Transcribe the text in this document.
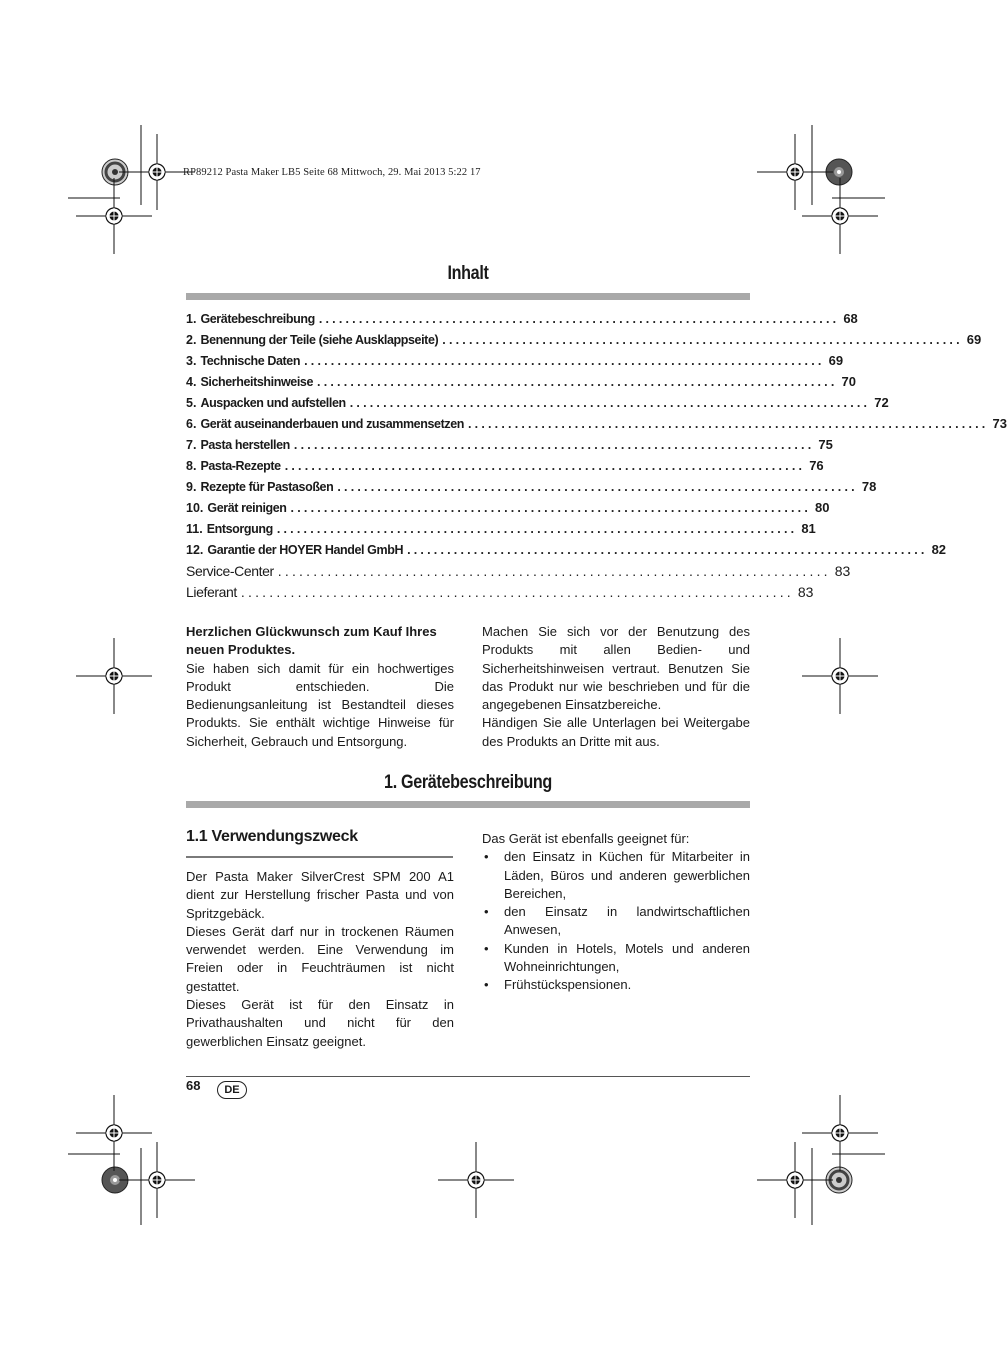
RP89212 Pasta Maker LB5 Seite 68 Mittwoch, 29. Mai 2013 5:22 17
Inhalt
1. Gerätebeschreibung .............................................................................. 68
2. Benennung der Teile (siehe Ausklappseite) .............................................................................. 69
3. Technische Daten .............................................................................. 69
4. Sicherheitshinweise .............................................................................. 70
5. Auspacken und aufstellen .............................................................................. 72
6. Gerät auseinanderbauen und zusammensetzen .............................................................................. 73
7. Pasta herstellen .............................................................................. 75
8. Pasta-Rezepte .............................................................................. 76
9. Rezepte für Pastasoßen .............................................................................. 78
10. Gerät reinigen .............................................................................. 80
11. Entsorgung .............................................................................. 81
12. Garantie der HOYER Handel GmbH .............................................................................. 82
Service-Center .............................................................................. 83
Lieferant .............................................................................. 83

Herzlichen Glückwunsch zum Kauf Ihres neuen Produktes.

Sie haben sich damit für ein hochwertiges Produkt entschieden. Die Bedienungsanleitung ist Bestandteil dieses Produkts. Sie enthält wichtige Hinweise für Sicherheit, Gebrauch und Entsorgung.

Machen Sie sich vor der Benutzung des Produkts mit allen Bedien- und Sicherheitshinweisen vertraut. Benutzen Sie das Produkt nur wie beschrieben und für die angegebenen Einsatzbereiche.

Händigen Sie alle Unterlagen bei Weitergabe des Produkts an Dritte mit aus.

1. Gerätebeschreibung
1.1 Verwendungszweck

Der Pasta Maker SilverCrest SPM 200 A1 dient zur Herstellung frischer Pasta und von Spritzgebäck.

Dieses Gerät darf nur in trockenen Räumen verwendet werden. Eine Verwendung im Freien oder in Feuchträumen ist nicht gestattet.

Dieses Gerät ist für den Einsatz in Privathaushalten und nicht für den gewerblichen Einsatz geeignet.

Das Gerät ist ebenfalls geeignet für:

• den Einsatz in Küchen für Mitarbeiter in Läden, Büros und anderen gewerblichen Bereichen,
• den Einsatz in landwirtschaftlichen Anwesen,
• Kunden in Hotels, Motels und anderen Wohneinrichtungen,
• Frühstückspensionen.
68	DE
